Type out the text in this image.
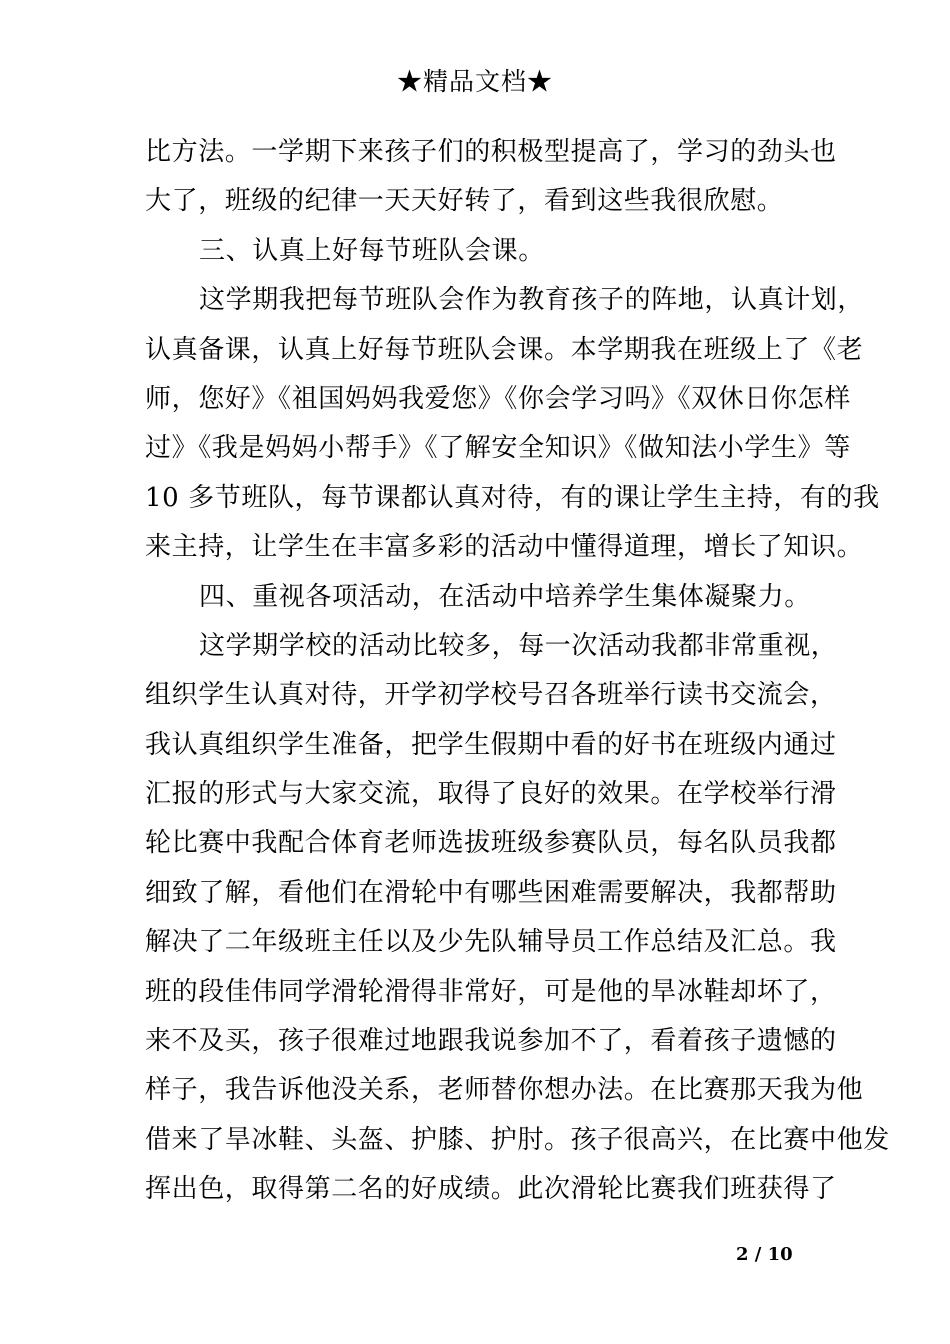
★精品文档★
比方法。一学期下来孩子们的积极型提高了，学习的劲头也
大了，班级的纪律一天天好转了，看到这些我很欣慰。
三、认真上好每节班队会课。
这学期我把每节班队会作为教育孩子的阵地，认真计划，
认真备课，认真上好每节班队会课。本学期我在班级上了《老
师，您好》《祖国妈妈我爱您》《你会学习吗》《双休日你怎样
过》《我是妈妈小帮手》《了解安全知识》《做知法小学生》等
10 多节班队，每节课都认真对待，有的课让学生主持，有的我
来主持，让学生在丰富多彩的活动中懂得道理，增长了知识。
四、重视各项活动，在活动中培养学生集体凝聚力。
这学期学校的活动比较多，每一次活动我都非常重视，
组织学生认真对待，开学初学校号召各班举行读书交流会，
我认真组织学生准备，把学生假期中看的好书在班级内通过
汇报的形式与大家交流，取得了良好的效果。在学校举行滑
轮比赛中我配合体育老师选拔班级参赛队员，每名队员我都
细致了解，看他们在滑轮中有哪些困难需要解决，我都帮助
解决了二年级班主任以及少先队辅导员工作总结及汇总。我
班的段佳伟同学滑轮滑得非常好，可是他的旱冰鞋却坏了，
来不及买，孩子很难过地跟我说参加不了，看着孩子遗憾的
样子，我告诉他没关系，老师替你想办法。在比赛那天我为他
借来了旱冰鞋、头盔、护膝、护肘。孩子很高兴，在比赛中他发
挥出色，取得第二名的好成绩。此次滑轮比赛我们班获得了
2 / 10
